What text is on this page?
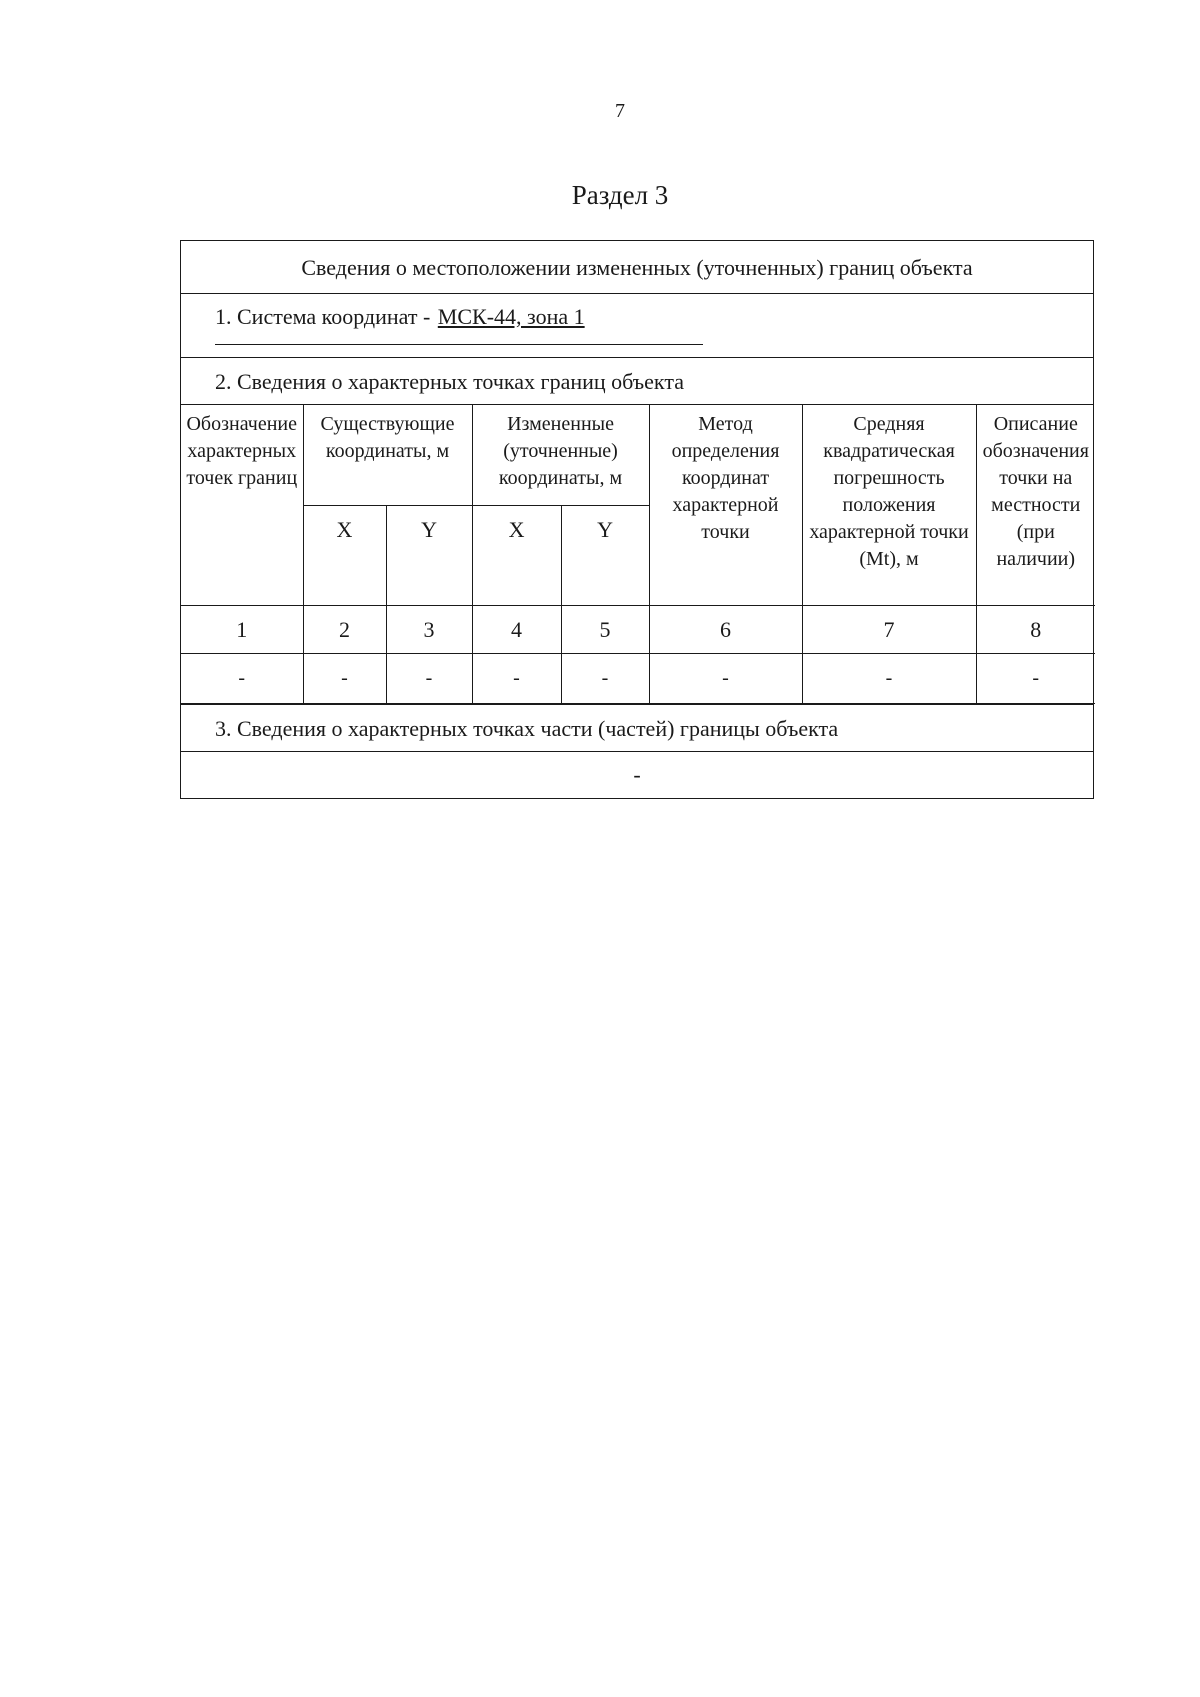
7
Раздел 3
Сведения о местоположении измененных (уточненных) границ объекта
1. Система координат - МСК-44, зона 1
2. Сведения о характерных точках границ объекта
Обозначение характерных точек границ	Существующие координаты, м		Измененные (уточненные) координаты, м		Метод определения координат характерной точки	Средняя квадратическая погрешность положения характерной точки (Mt), м	Описание обозначения точки на местности (при наличии)
	X	Y	X	Y			
1	2	3	4	5	6	7	8
-	-	-	-	-	-	-	-
3. Сведения о характерных точках части (частей) границы объекта
-
